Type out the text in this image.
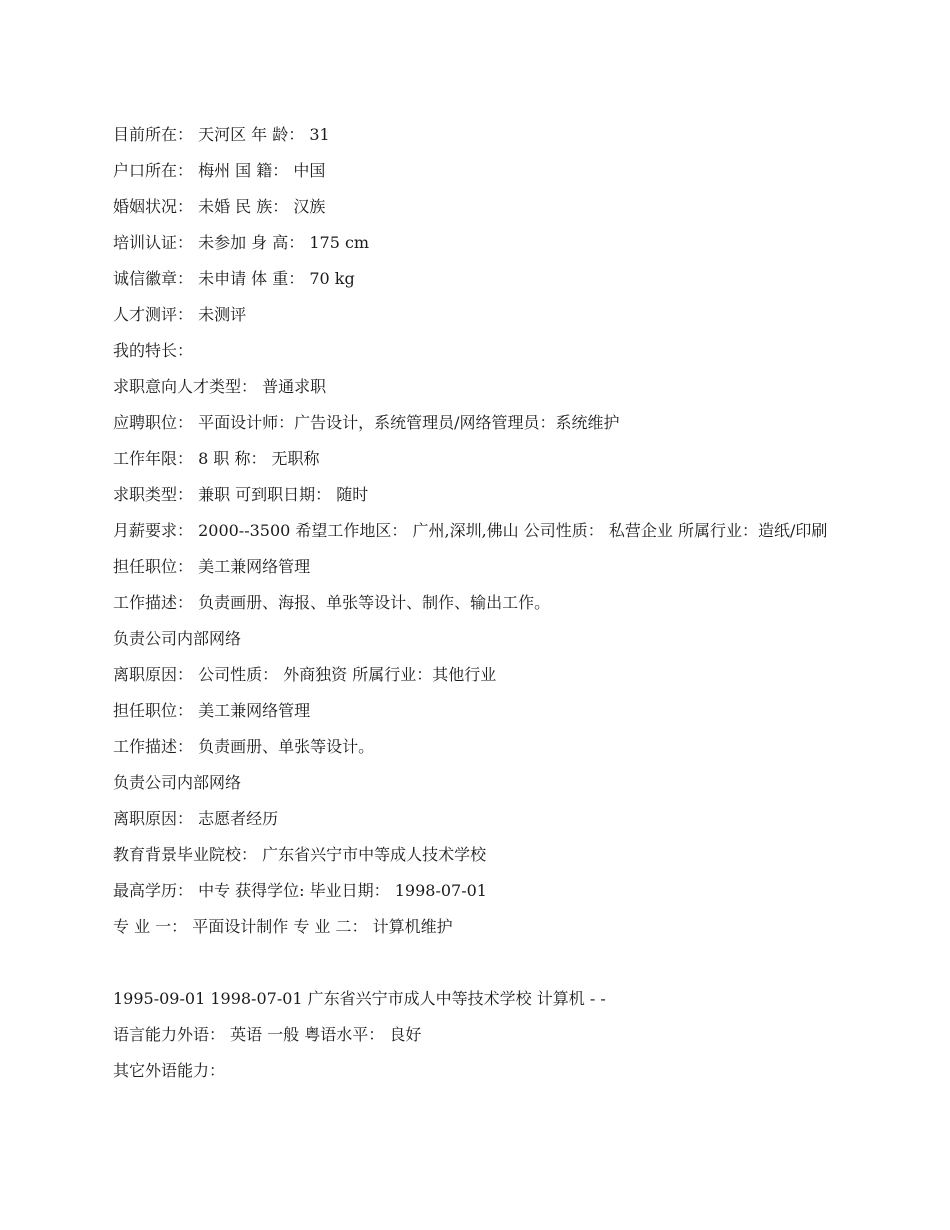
目前所在： 天河区 年 龄： 31

户口所在： 梅州 国 籍： 中国

婚姻状况： 未婚 民 族： 汉族

培训认证： 未参加 身 高： 175 cm

诚信徽章： 未申请 体 重： 70 kg

人才测评： 未测评

我的特长：

求职意向人才类型： 普通求职

应聘职位： 平面设计师：广告设计，系统管理员/网络管理员：系统维护

工作年限： 8 职 称： 无职称

求职类型： 兼职 可到职日期： 随时

月薪要求： 2000--3500 希望工作地区： 广州,深圳,佛山 公司性质： 私营企业 所属行业：造纸/印刷

担任职位： 美工兼网络管理

工作描述： 负责画册、海报、单张等设计、制作、输出工作。

负责公司内部网络

离职原因： 公司性质： 外商独资 所属行业：其他行业

担任职位： 美工兼网络管理

工作描述： 负责画册、单张等设计。

负责公司内部网络

离职原因： 志愿者经历

教育背景毕业院校： 广东省兴宁市中等成人技术学校

最高学历： 中专 获得学位: 毕业日期： 1998-07-01

专 业 一： 平面设计制作 专 业 二： 计算机维护

1995-09-01 1998-07-01 广东省兴宁市成人中等技术学校 计算机 - -

语言能力外语： 英语 一般 粤语水平： 良好

其它外语能力：
